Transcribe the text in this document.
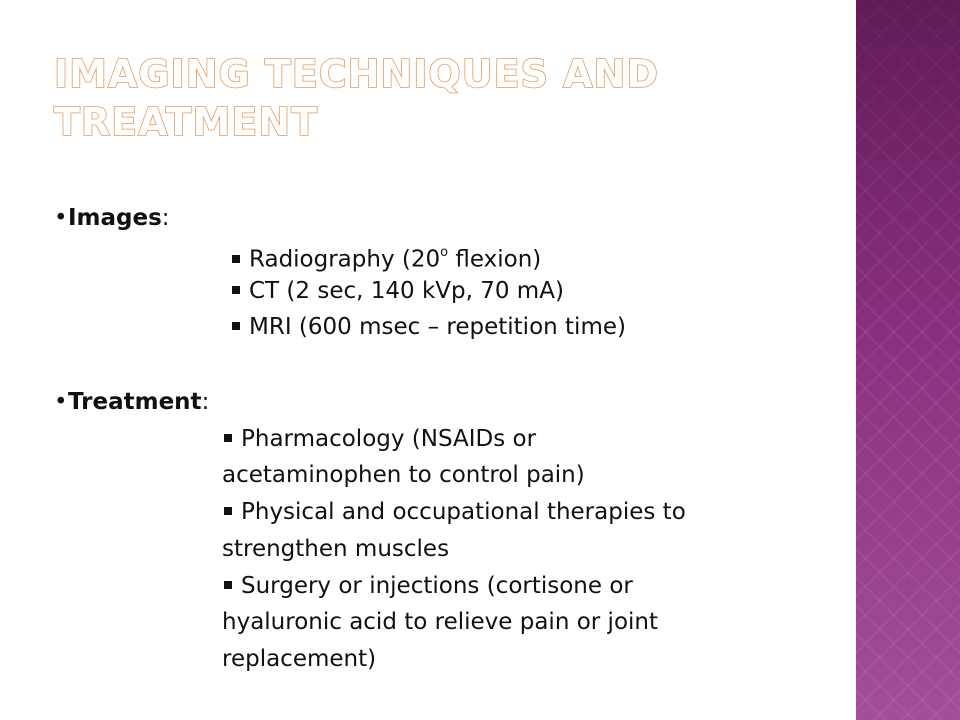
IMAGING TECHNIQUES AND
TREATMENT
•Images:
Radiography (20$^o$ flexion)
CT (2 sec, 140 kVp, 70 mA)
MRI (600 msec – repetition time)
•Treatment:
Pharmacology (NSAIDs or
acetaminophen to control pain)
Physical and occupational therapies to
strengthen muscles
Surgery or injections (cortisone or
hyaluronic acid to relieve pain or joint
replacement)
